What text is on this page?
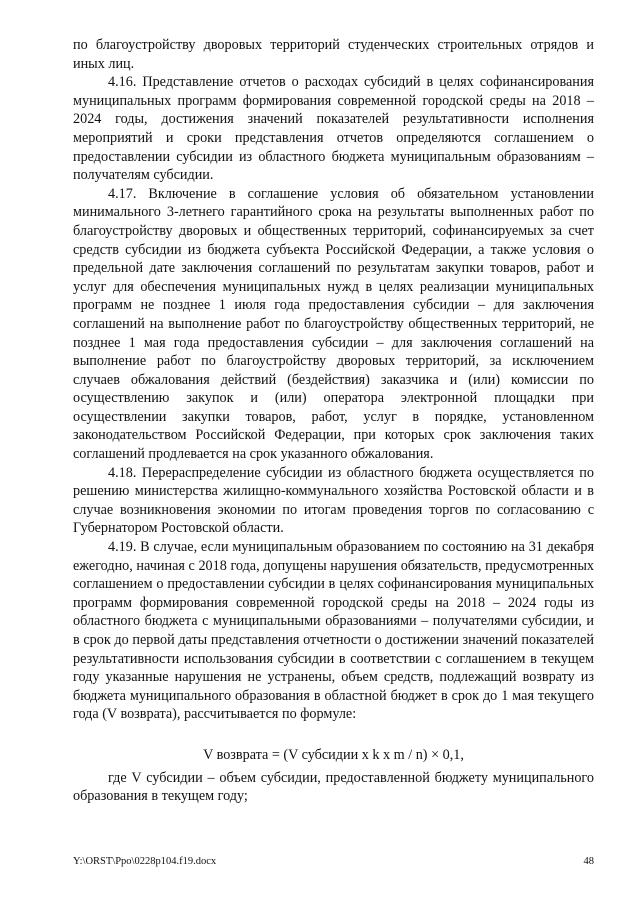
по благоустройству дворовых территорий студенческих строительных отрядов и иных лиц.

4.16. Представление отчетов о расходах субсидий в целях софинансирования муниципальных программ формирования современной городской среды на 2018 – 2024 годы, достижения значений показателей результативности исполнения мероприятий и сроки представления отчетов определяются соглашением о предоставлении субсидии из областного бюджета муниципальным образованиям – получателям субсидии.

4.17. Включение в соглашение условия об обязательном установлении минимального 3-летнего гарантийного срока на результаты выполненных работ по благоустройству дворовых и общественных территорий, софинансируемых за счет средств субсидии из бюджета субъекта Российской Федерации, а также условия о предельной дате заключения соглашений по результатам закупки товаров, работ и услуг для обеспечения муниципальных нужд в целях реализации муниципальных программ не позднее 1 июля года предоставления субсидии – для заключения соглашений на выполнение работ по благоустройству общественных территорий, не позднее 1 мая года предоставления субсидии – для заключения соглашений на выполнение работ по благоустройству дворовых территорий, за исключением случаев обжалования действий (бездействия) заказчика и (или) комиссии по осуществлению закупок и (или) оператора электронной площадки при осуществлении закупки товаров, работ, услуг в порядке, установленном законодательством Российской Федерации, при которых срок заключения таких соглашений продлевается на срок указанного обжалования.

4.18. Перераспределение субсидии из областного бюджета осуществляется по решению министерства жилищно-коммунального хозяйства Ростовской области и в случае возникновения экономии по итогам проведения торгов по согласованию с Губернатором Ростовской области.

4.19. В случае, если муниципальным образованием по состоянию на 31 декабря ежегодно, начиная с 2018 года, допущены нарушения обязательств, предусмотренных соглашением о предоставлении субсидии в целях софинансирования муниципальных программ формирования современной городской среды на 2018 – 2024 годы из областного бюджета с муниципальными образованиями – получателями субсидии, и в срок до первой даты представления отчетности о достижении значений показателей результативности использования субсидии в соответствии с соглашением в текущем году указанные нарушения не устранены, объем средств, подлежащий возврату из бюджета муниципального образования в областной бюджет в срок до 1 мая текущего года (V возврата), рассчитывается по формуле:

V возврата = (V субсидии x k x m / n) × 0,1,

где V субсидии – объем субсидии, предоставленной бюджету муниципального образования в текущем году;

Y:\ORST\Ppo\0228p104.f19.docx	48
